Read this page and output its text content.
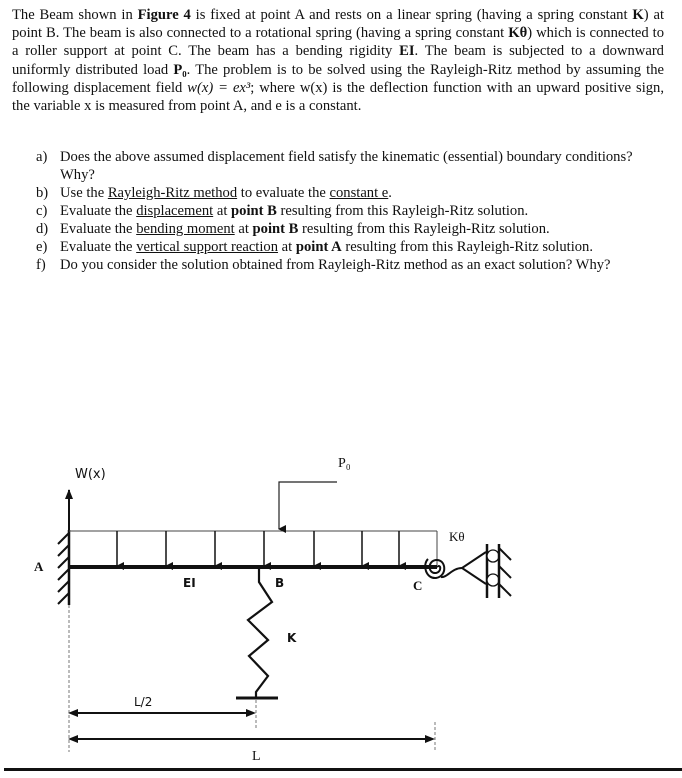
The Beam shown in Figure 4 is fixed at point A and rests on a linear spring (having a spring constant K) at point B. The beam is also connected to a rotational spring (having a spring constant Kθ) which is connected to a roller support at point C. The beam has a bending rigidity EI. The beam is subjected to a downward uniformly distributed load P₀. The problem is to be solved using the Rayleigh-Ritz method by assuming the following displacement field w(x) = ex³; where w(x) is the deflection function with an upward positive sign, the variable x is measured from point A, and e is a constant.
a) Does the above assumed displacement field satisfy the kinematic (essential) boundary conditions? Why?
b) Use the Rayleigh-Ritz method to evaluate the constant e.
c) Evaluate the displacement at point B resulting from this Rayleigh-Ritz solution.
d) Evaluate the bending moment at point B resulting from this Rayleigh-Ritz solution.
e) Evaluate the vertical support reaction at point A resulting from this Rayleigh-Ritz solution.
f) Do you consider the solution obtained from Rayleigh-Ritz method as an exact solution? Why?
W(x)
P₀
Kθ
A
B	C
EI
K
L/2
L
